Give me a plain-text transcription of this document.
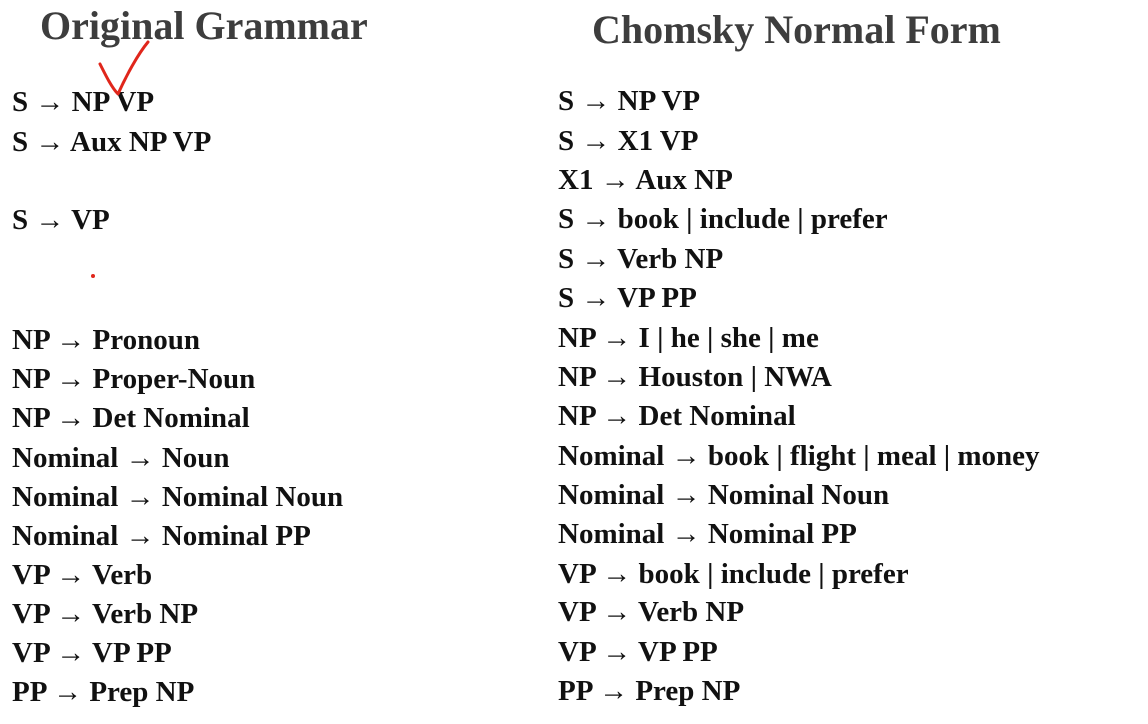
Original Grammar	Chomsky Normal Form
S → NP VP
S → Aux NP VP
S → VP
NP → Pronoun
NP → Proper-Noun
NP → Det Nominal
Nominal → Noun
Nominal → Nominal Noun
Nominal → Nominal PP
VP → Verb
VP → Verb NP
VP → VP PP
PP → Prep NP
S → NP VP
S → X1 VP
X1 → Aux NP
S → book | include | prefer
S → Verb NP
S → VP PP
NP → I | he | she | me
NP → Houston | NWA
NP → Det Nominal
Nominal → book | flight | meal | money
Nominal → Nominal Noun
Nominal → Nominal PP
VP → book | include | prefer
VP → Verb NP
VP → VP PP
PP → Prep NP
